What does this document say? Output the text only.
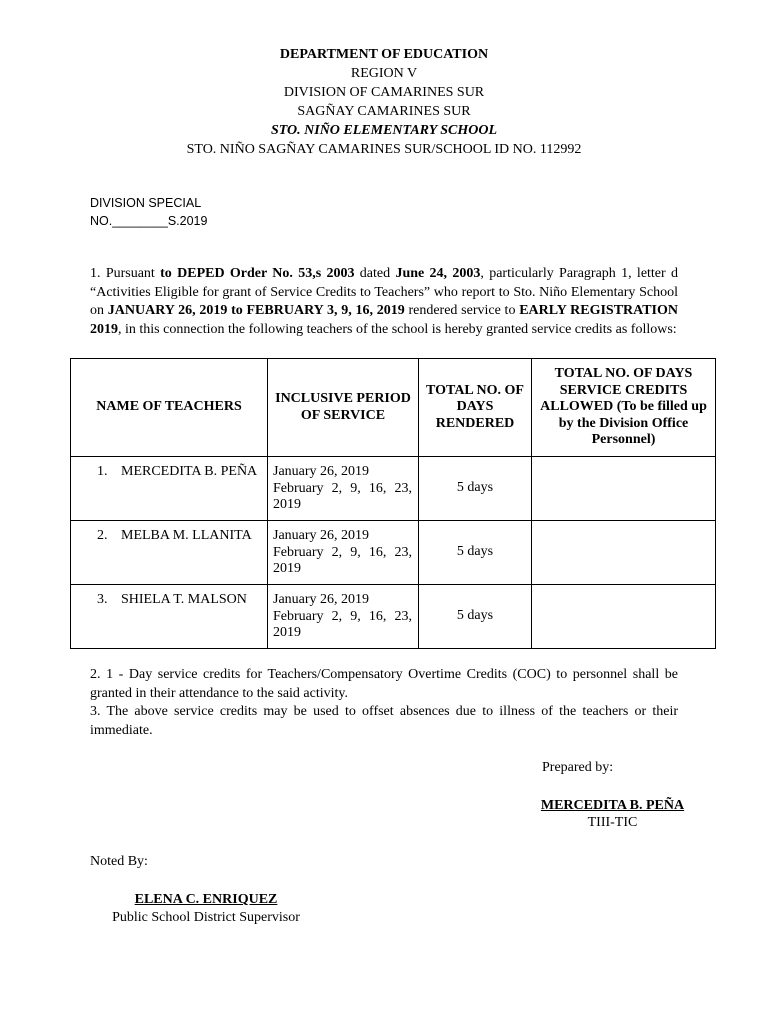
DEPARTMENT OF EDUCATION
REGION V
DIVISION OF CAMARINES SUR
SAGÑAY CAMARINES SUR
STO. NIÑO ELEMENTARY SCHOOL
STO. NIÑO SAGÑAY CAMARINES SUR/SCHOOL ID NO. 112992
DIVISION SPECIAL
NO.________S.2019
1. Pursuant to DEPED Order No. 53,s 2003 dated June 24, 2003, particularly Paragraph 1, letter d “Activities Eligible for grant of Service Credits to Teachers” who report to Sto. Niño Elementary School on JANUARY 26, 2019 to FEBRUARY 3, 9, 16, 2019 rendered service to EARLY REGISTRATION 2019, in this connection the following teachers of the school is hereby granted service credits as follows:
NAME OF TEACHERS	INCLUSIVE PERIOD OF SERVICE	TOTAL NO. OF DAYS RENDERED	TOTAL NO. OF DAYS SERVICE CREDITS ALLOWED (To be filled up by the Division Office Personnel)
1. MERCEDITA B. PEÑA	January 26, 2019
February 2, 9, 16, 23,
2019	5 days	
2. MELBA M. LLANITA	January 26, 2019
February 2, 9, 16, 23,
2019	5 days	
3. SHIELA T. MALSON	January 26, 2019
February 2, 9, 16, 23,
2019	5 days	
2. 1 - Day service credits for Teachers/Compensatory Overtime Credits (COC) to personnel shall be granted in their attendance to the said activity.
3. The above service credits may be used to offset absences due to illness of the teachers or their immediate.
Prepared by:
MERCEDITA B. PEÑA
TIII-TIC
Noted By:
ELENA C. ENRIQUEZ
Public School District Supervisor
